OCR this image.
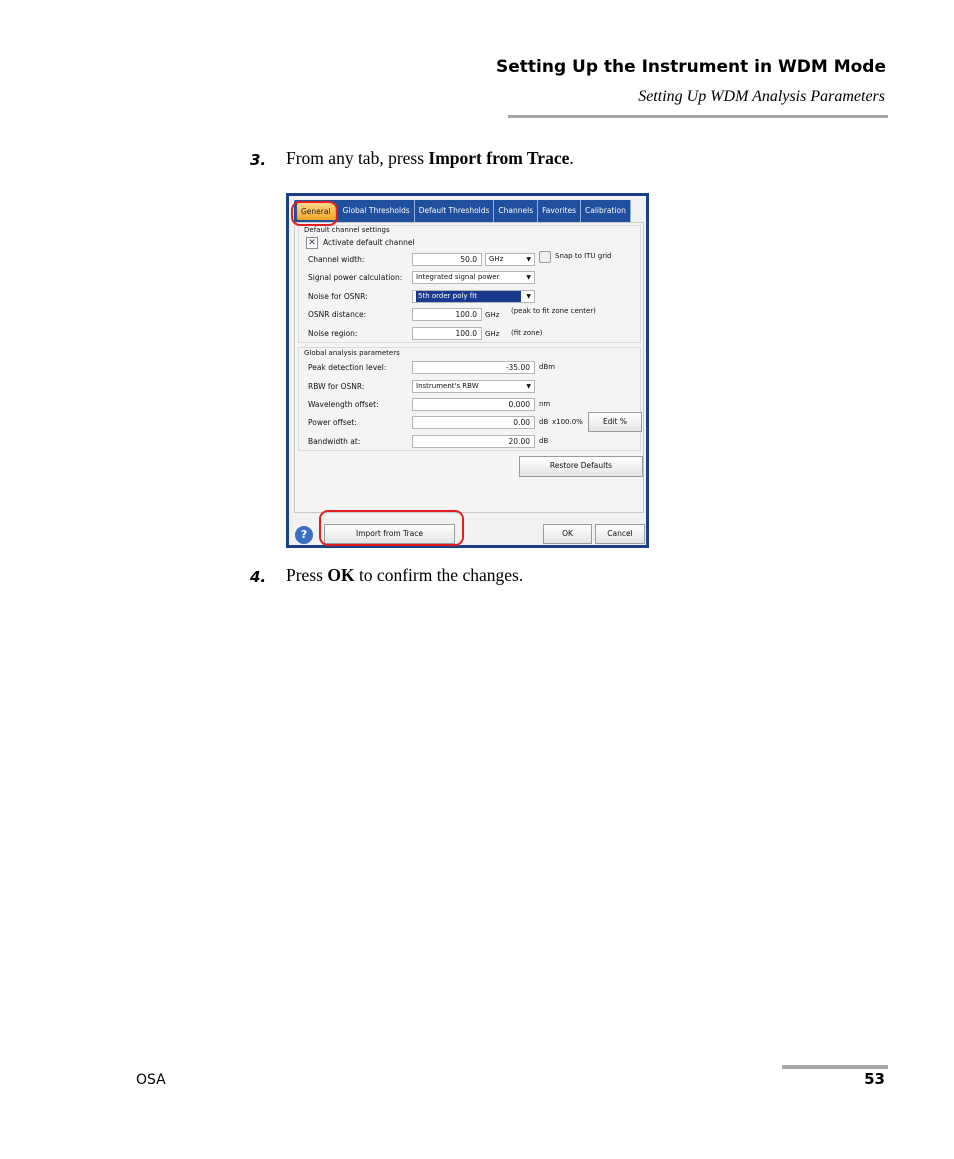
Setting Up the Instrument in WDM Mode
Setting Up WDM Analysis Parameters
3. From any tab, press Import from Trace.
General	Global Thresholds	Default Thresholds	Channels	Favorites	Calibration
Default channel settings
✕ Activate default channel
Channel width:	50.0	GHz	▼	Snap to ITU grid
Signal power calculation:	Integrated signal power	▼
Noise for OSNR:	5th order poly fit	▼
OSNR distance:	100.0	GHz (peak to fit zone center)
Noise region:	100.0	GHz (fit zone)
Global analysis parameters
Peak detection level:	-35.00	dBm
RBW for OSNR:	Instrument's RBW	▼
Wavelength offset:	0.000	nm
Power offset:	0.00	dB x100.0%	Edit %
Bandwidth at:	20.00	dB
Restore Defaults
?	Import from Trace	OK	Cancel
4. Press OK to confirm the changes.
OSA	53
